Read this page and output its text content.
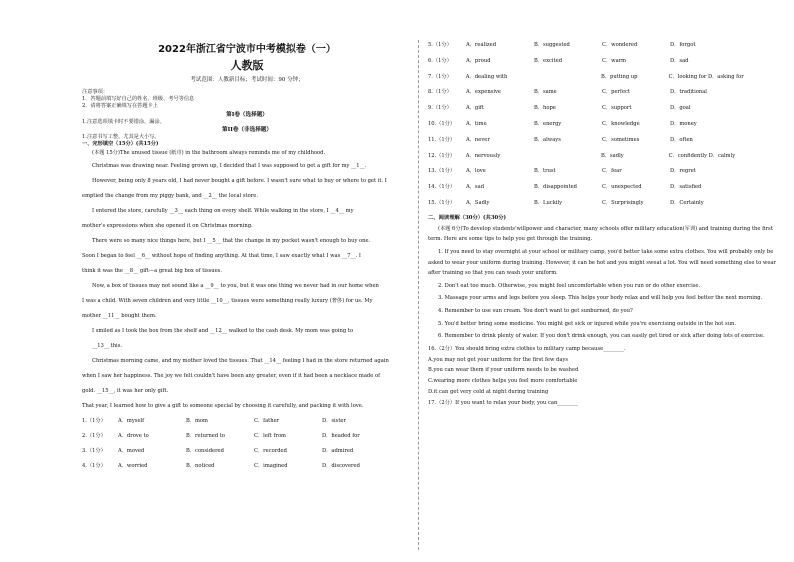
2022年浙江省宁波市中考模拟卷（一）
人教版
考试范围：人教新目标；考试时间：90 分钟；
注意事项：
1．答题前填写好自己的姓名、班级、考号等信息
2．请将答案正确填写在答题卡上
第I卷（选择题）
1.注意选项填卡时不要错涂、漏涂。
第II卷（非选择题）
1.注意书写工整，尤其是大小写。
一、完形填空（15分）(共15分)

(本题 15分)The unused tissue (纸巾) in the bathroom always reminds me of my childhood.

Christmas was drawing near. Feeling grown up, I decided that I was supposed to get a gift for my __1__.

However, being only 8 years old, I had never bought a gift before. I wasn't sure what to buy or where to get it. I

emptied the change from my piggy bank, and __2__ the local store.

I entered the store, carefully __3__ each thing on every shelf. While walking in the store, I __4__ my

mother's expressions when she opened it on Christmas morning.

There were so many nice things here, but I __5__ that the change in my pocket wasn't enough to buy one.

Soon I began to feel __6__ without hope of finding anything. At that time, I saw exactly what I was __7__. I

think it was the __8__ gift—a great big box of tissues.

Now, a box of tissues may not sound like a __9__ to you, but it was one thing we never had in our home when

I was a child. With seven children and very little __10__, tissues were something really luxury (奢侈) for us. My

mother __11__ bought them.

I smiled as I took the box from the shelf and __12__ walked to the cash desk. My mom was going to

__13__ this.

Christmas morning came, and my mother loved the tissues. That __14__ feeling I had in the store returned again

when I saw her happiness. The joy we felt couldn't have been any greater, even if it had been a necklace made of

gold. __15__, it was her only gift.

That year, I learned how to give a gift to someone special by choosing it carefully, and packing it with love.

1.（1分）	A．myself	B．mom	C．father	D．sister
2.（1分）	A．drove to	B．returned to	C．left from	D．headed for
3.（1分）	A．moved	B．considered	C．recorded	D．admired
4.（1分）	A．worried	B．noticed	C．imagined	D．discovered
5.（1分）	A．realized	B．suggested	C．wondered	D．forgot
6.（1分）	A．proud	B．excited	C．warm	D．sad
7.（1分）	A．dealing with	B．putting up	C．looking for D．asking for
8.（1分）	A．expensive	B．same	C．perfect	D．traditional
9.（1分）	A．gift	B．hope	C．support	D．goal
10.（1分）	A．time	B．energy	C．knowledge	D．money
11.（1分）	A．never	B．always	C．sometimes	D．often
12.（1分）	A．nervously	B．sadly	C．confidently D．calmly
13.（1分）	A．love	B．trust	C．fear	D．regret
14.（1分）	A．sad	B．disappointed	C．unexpected	D．satisfied
15.（1分）	A．Sadly	B．Luckily	C．Surprisingly	D．Certainly
二、阅读理解（30分）(共30分)

(本题 6分)To develop students'willpower and character, many schools offer military education(军训) and training during the first term. Here are some tips to help you get through the training.

1. If you need to stay overnight at your school or military camp, you'd better take some extra clothes. You will probably only be asked to wear your uniform during training. However, it can be hot and you might sweat a lot. You will need something else to wear after training so that you can wash your uniform.

2. Don't eat too much. Otherwise, you might feel uncomfortable when you run or do other exercise.

3. Massage your arms and legs before you sleep. This helps your body relax and will help you feel better the next morning.

4. Remember to use sun cream. You don't want to get sunburned, do you?

5. You'd better bring some medicine. You might get sick or injured while you're exercising outside in the hot sun.

6. Remember to drink plenty of water. If you don't drink enough, you can easily get tired or sick after doing lots of exercise.

16.（2分）You should bring extra clothes to military camp because________.

A.you may not get your uniform for the first few days

B.you can wear them if your uniform needs to be washed

C.wearing more clothes helps you feel more comfortable

D.it can get very cold at night during training

17.（2分）If you want to relax your body, you can________
